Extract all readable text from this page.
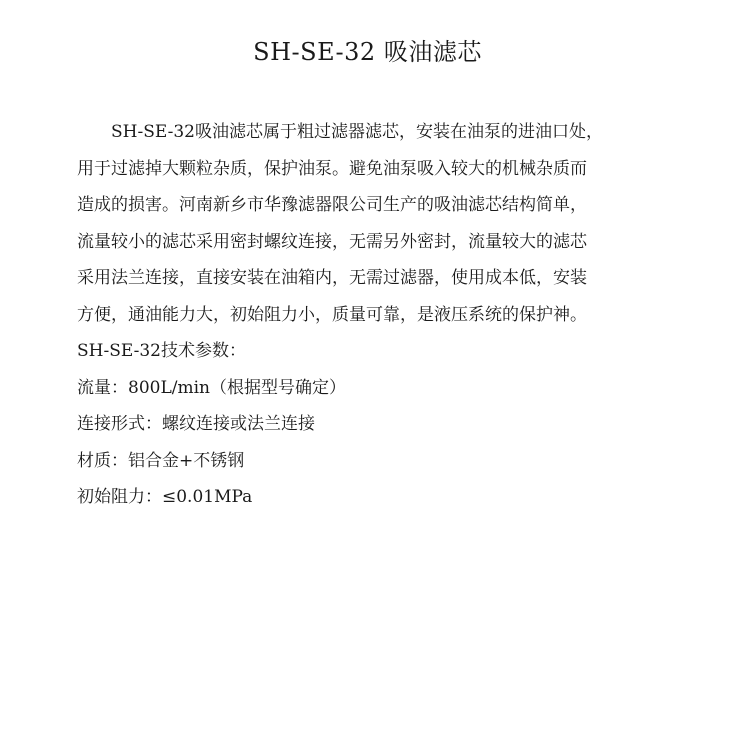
SH-SE-32 吸油滤芯

SH-SE-32吸油滤芯属于粗过滤器滤芯，安装在油泵的进油口处，

用于过滤掉大颗粒杂质，保护油泵。避免油泵吸入较大的机械杂质而

造成的损害。河南新乡市华豫滤器限公司生产的吸油滤芯结构简单，

流量较小的滤芯采用密封螺纹连接，无需另外密封，流量较大的滤芯

采用法兰连接，直接安装在油箱内，无需过滤器，使用成本低，安装

方便，通油能力大，初始阻力小，质量可靠，是液压系统的保护神。

SH-SE-32技术参数：

流量：800L/min（根据型号确定）

连接形式：螺纹连接或法兰连接

材质：铝合金+不锈钢

初始阻力：≤0.01MPa
